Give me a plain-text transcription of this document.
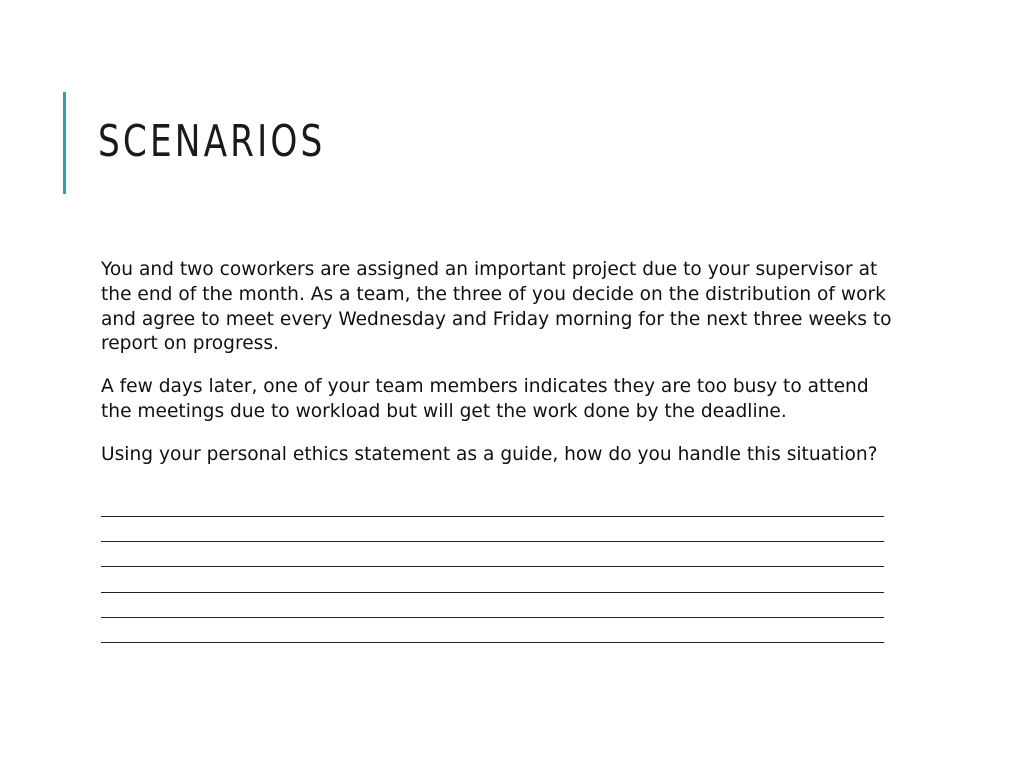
SCENARIOS

You and two coworkers are assigned an important project due to your supervisor at the end of the month. As a team, the three of you decide on the distribution of work and agree to meet every Wednesday and Friday morning for the next three weeks to report on progress.

A few days later, one of your team members indicates they are too busy to attend the meetings due to workload but will get the work done by the deadline.

Using your personal ethics statement as a guide, how do you handle this situation?
